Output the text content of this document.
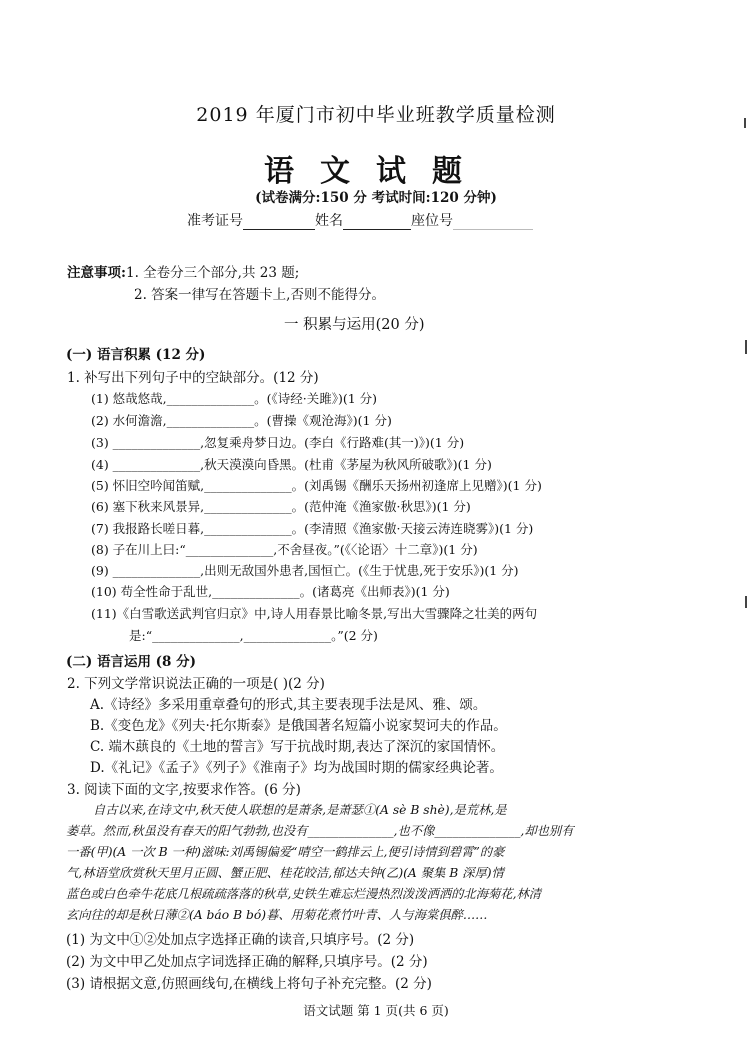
2019 年厦门市初中毕业班教学质量检测
语文试题
(试卷满分:150 分 考试时间:120 分钟)
准考证号	姓名	座位号
注意事项:1. 全卷分三个部分,共 23 题;
2. 答案一律写在答题卡上,否则不能得分。
一 积累与运用(20 分)
(一) 语言积累 (12 分)
1. 补写出下列句子中的空缺部分。(12 分)
(1) 悠哉悠哉,______________。(《诗经·关雎》)(1 分)
(2) 水何澹澹,______________。(曹操《观沧海》)(1 分)
(3) ______________,忽复乘舟梦日边。(李白《行路难(其一)》)(1 分)
(4) ______________,秋天漠漠向昏黑。(杜甫《茅屋为秋风所破歌》)(1 分)
(5) 怀旧空吟闻笛赋,______________。(刘禹锡《酬乐天扬州初逢席上见赠》)(1 分)
(6) 塞下秋来风景异,______________。(范仲淹《渔家傲·秋思》)(1 分)
(7) 我报路长嗟日暮,______________。(李清照《渔家傲·天接云涛连晓雾》)(1 分)
(8) 子在川上曰:“______________,不舍昼夜。”(《〈论语〉十二章》)(1 分)
(9) ______________,出则无敌国外患者,国恒亡。(《生于忧患,死于安乐》)(1 分)
(10) 苟全性命于乱世,______________。(诸葛亮《出师表》)(1 分)
(11)《白雪歌送武判官归京》中,诗人用春景比喻冬景,写出大雪骤降之壮美的两句
是:“______________,______________。”(2 分)
(二) 语言运用 (8 分)
2. 下列文学常识说法正确的一项是( )(2 分)
A.《诗经》多采用重章叠句的形式,其主要表现手法是风、雅、颂。
B.《变色龙》《列夫·托尔斯泰》是俄国著名短篇小说家契诃夫的作品。
C. 端木蕻良的《土地的誓言》写于抗战时期,表达了深沉的家国情怀。
D.《礼记》《孟子》《列子》《淮南子》均为战国时期的儒家经典论著。
3. 阅读下面的文字,按要求作答。(6 分)
自古以来,在诗文中,秋天使人联想的是萧条,是萧瑟①(A sè B shè),是荒林,是
萎草。然而,秋虽没有春天的阳气勃勃,也没有______________,也不像______________,却也别有
一番(甲)(A 一次 B 一种)滋味:刘禹锡偏爱“晴空一鹤排云上,便引诗情到碧霄”的豪
气,林语堂欣赏秋天里月正圆、蟹正肥、桂花皎洁,郁达夫钟(乙)(A 聚集 B 深厚)情
蓝色或白色牵牛花底几根疏疏落落的秋草,史铁生难忘烂漫热烈泼泼洒洒的北海菊花,林清
玄向往的却是秋日薄②(A báo B bó)暮、用菊花煮竹叶青、人与海棠俱醉……
(1) 为文中①②处加点字选择正确的读音,只填序号。(2 分)
(2) 为文中甲乙处加点字词选择正确的解释,只填序号。(2 分)
(3) 请根据文意,仿照画线句,在横线上将句子补充完整。(2 分)
语文试题 第 1 页(共 6 页)
